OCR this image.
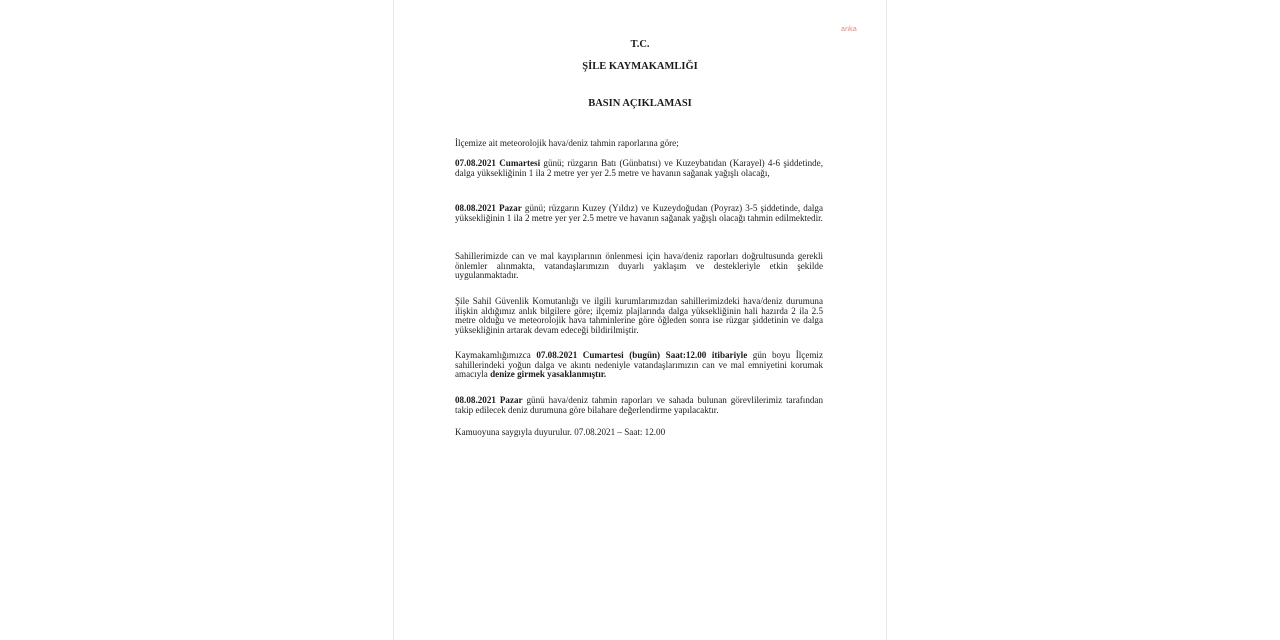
anka
T.C.
ŞİLE KAYMAKAMLIĞI
BASIN AÇIKLAMASI
İlçemize ait meteorolojik hava/deniz tahmin raporlarına göre;
07.08.2021 Cumartesi günü; rüzgarın Batı (Günbatısı) ve Kuzeybatıdan (Karayel) 4-6 şiddetinde, dalga yüksekliğinin 1 ila 2 metre yer yer 2.5 metre ve havanın sağanak yağışlı olacağı,
08.08.2021 Pazar günü; rüzgarın Kuzey (Yıldız) ve Kuzeydoğudan (Poyraz) 3-5 şiddetinde, dalga yüksekliğinin 1 ila 2 metre yer yer 2.5 metre ve havanın sağanak yağışlı olacağı tahmin edilmektedir.
Sahillerimizde can ve mal kayıplarının önlenmesi için hava/deniz raporları doğrultusunda gerekli önlemler alınmakta, vatandaşlarımızın duyarlı yaklaşım ve destekleriyle etkin şekilde uygulanmaktadır.
Şile Sahil Güvenlik Komutanlığı ve ilgili kurumlarımızdan sahillerimizdeki hava/deniz durumuna ilişkin aldığımız anlık bilgilere göre; ilçemiz plajlarında dalga yüksekliğinin hali hazırda 2 ila 2.5 metre olduğu ve meteorolojik hava tahminlerine göre öğleden sonra ise rüzgar şiddetinin ve dalga yüksekliğinin artarak devam edeceği bildirilmiştir.
Kaymakamlığımızca 07.08.2021 Cumartesi (bugün) Saat:12.00 itibariyle gün boyu İlçemiz sahillerindeki yoğun dalga ve akıntı nedeniyle vatandaşlarımızın can ve mal emniyetini korumak amacıyla denize girmek yasaklanmıştır.
08.08.2021 Pazar günü hava/deniz tahmin raporları ve sahada bulunan görevlilerimiz tarafından takip edilecek deniz durumuna göre bilahare değerlendirme yapılacaktır.
Kamuoyuna saygıyla duyurulur. 07.08.2021 – Saat: 12.00
